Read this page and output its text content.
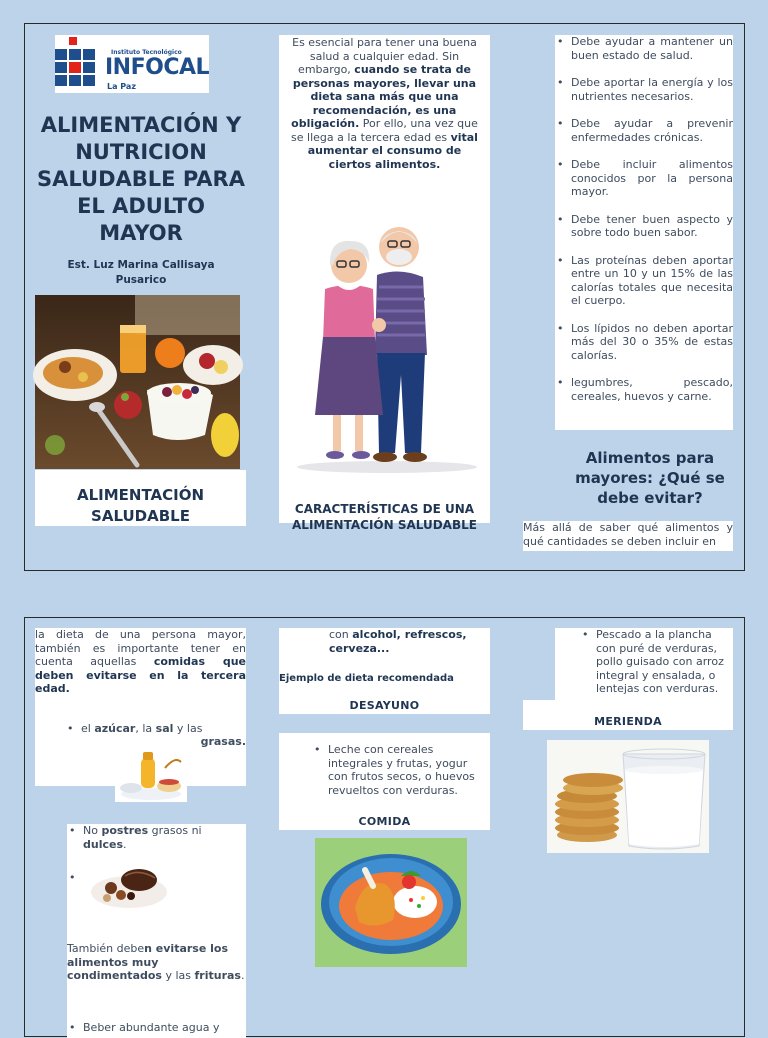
Instituto Tecnológico
INFOCAL
La Paz
ALIMENTACIÓN Y NUTRICION SALUDABLE PARA EL ADULTO MAYOR
Est. Luz Marina Callisaya Pusarico
ALIMENTACIÓN SALUDABLE

Es esencial para tener una buena salud a cualquier edad. Sin embargo, cuando se trata de personas mayores, llevar una dieta sana más que una recomendación, es una obligación. Por ello, una vez que se llega a la tercera edad es vital aumentar el consumo de ciertos alimentos.

CARACTERÍSTICAS DE UNA ALIMENTACIÓN SALUDABLE
• Debe ayudar a mantener un buen estado de salud.
• Debe aportar la energía y los nutrientes necesarios.
• Debe ayudar a prevenir enfermedades crónicas.
• Debe incluir alimentos conocidos por la persona mayor.
• Debe tener buen aspecto y sobre todo buen sabor.
• Las proteínas deben aportar entre un 10 y un 15% de las calorías totales que necesita el cuerpo.
• Los lípidos no deben aportar más del 30 o 35% de estas calorías.
• legumbres, pescado, cereales, huevos y carne.
Alimentos para mayores: ¿Qué se debe evitar?

Más allá de saber qué alimentos y qué cantidades se deben incluir en

la dieta de una persona mayor, también es importante tener en cuenta aquellas comidas que deben evitarse en la tercera edad.

• el azúcar, la sal y las
grasas.
• No postres grasos ni dulces.
•

También deben evitarse los alimentos muy condimentados y las frituras.

• Beber abundante agua y

con alcohol, refrescos, cerveza...

Ejemplo de dieta recomendada
DESAYUNO
• Leche con cereales integrales y frutas, yogur con frutos secos, o huevos revueltos con verduras.
COMIDA
• Pescado a la plancha con puré de verduras, pollo guisado con arroz integral y ensalada, o lentejas con verduras.
MERIENDA
